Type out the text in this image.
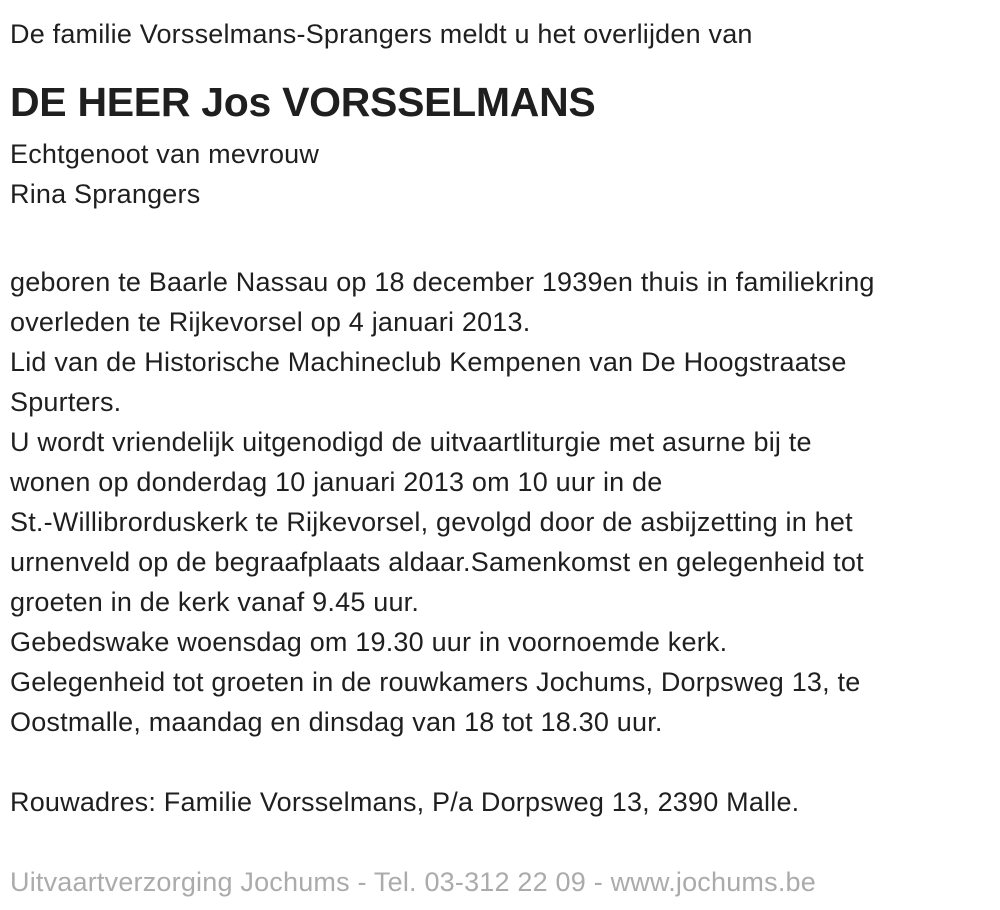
De familie Vorsselmans-Sprangers meldt u het overlijden van

DE HEER Jos VORSSELMANS

Echtgenoot van mevrouw

Rina Sprangers

geboren te Baarle Nassau op 18 december 1939en thuis in familiekring
overleden te Rijkevorsel op 4 januari 2013.
Lid van de Historische Machineclub Kempenen van De Hoogstraatse
Spurters.
U wordt vriendelijk uitgenodigd de uitvaartliturgie met asurne bij te
wonen op donderdag 10 januari 2013 om 10 uur in de
St.-Willibrorduskerk te Rijkevorsel, gevolgd door de asbijzetting in het
urnenveld op de begraafplaats aldaar.Samenkomst en gelegenheid tot
groeten in de kerk vanaf 9.45 uur.
Gebedswake woensdag om 19.30 uur in voornoemde kerk.
Gelegenheid tot groeten in de rouwkamers Jochums, Dorpsweg 13, te
Oostmalle, maandag en dinsdag van 18 tot 18.30 uur.

Rouwadres: Familie Vorsselmans, P/a Dorpsweg 13, 2390 Malle.

Uitvaartverzorging Jochums - Tel. 03-312 22 09 - www.jochums.be
